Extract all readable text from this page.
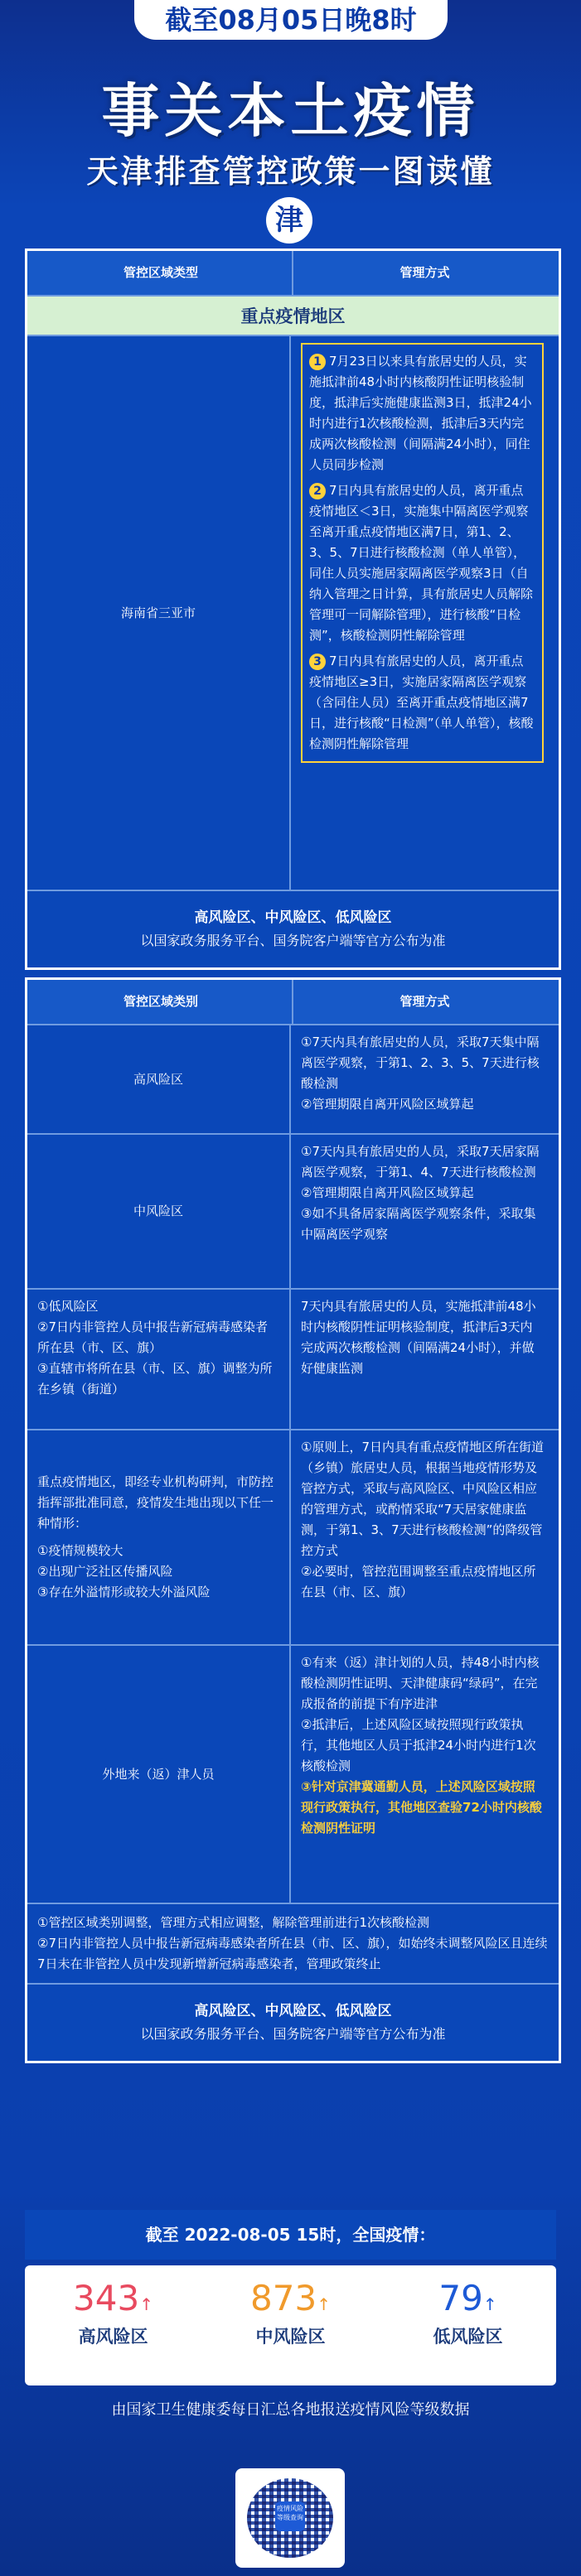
截至08月05日晚8时
事关本土疫情
天津排查管控政策一图读懂
津
管控区域类型	管理方式
重点疫情地区
海南省三亚市
1 7月23日以来具有旅居史的人员，实施抵津前48小时内核酸阴性证明核验制度，抵津后实施健康监测3日，抵津24小时内进行1次核酸检测，抵津后3天内完成两次核酸检测（间隔满24小时），同住人员同步检测
2 7日内具有旅居史的人员，离开重点疫情地区＜3日，实施集中隔离医学观察至离开重点疫情地区满7日，第1、2、3、5、7日进行核酸检测（单人单管），同住人员实施居家隔离医学观察3日（自纳入管理之日计算，具有旅居史人员解除管理可一同解除管理），进行核酸“日检测”，核酸检测阴性解除管理
3 7日内具有旅居史的人员，离开重点疫情地区≥3日，实施居家隔离医学观察（含同住人员）至离开重点疫情地区满7日，进行核酸“日检测”（单人单管），核酸检测阴性解除管理
高风险区、中风险区、低风险区
以国家政务服务平台、国务院客户端等官方公布为准
管控区域类别	管理方式
高风险区
①7天内具有旅居史的人员，采取7天集中隔离医学观察，于第1、2、3、5、7天进行核酸检测
②管理期限自离开风险区域算起
中风险区
①7天内具有旅居史的人员，采取7天居家隔离医学观察，于第1、4、7天进行核酸检测
②管理期限自离开风险区域算起
③如不具备居家隔离医学观察条件，采取集中隔离医学观察
①低风险区
②7日内非管控人员中报告新冠病毒感染者所在县（市、区、旗）
③直辖市将所在县（市、区、旗）调整为所在乡镇（街道）
7天内具有旅居史的人员，实施抵津前48小时内核酸阴性证明核验制度，抵津后3天内完成两次核酸检测（间隔满24小时），并做好健康监测
重点疫情地区，即经专业机构研判，市防控指挥部批准同意，疫情发生地出现以下任一种情形：
①疫情规模较大
②出现广泛社区传播风险
③存在外溢情形或较大外溢风险
①原则上，7日内具有重点疫情地区所在街道（乡镇）旅居史人员，根据当地疫情形势及管控方式，采取与高风险区、中风险区相应的管理方式，或酌情采取“7天居家健康监测，于第1、3、7天进行核酸检测”的降级管控方式
②必要时，管控范围调整至重点疫情地区所在县（市、区、旗）
外地来（返）津人员
①有来（返）津计划的人员，持48小时内核酸检测阴性证明、天津健康码“绿码”，在完成报备的前提下有序进津
②抵津后，上述风险区域按照现行政策执行，其他地区人员于抵津24小时内进行1次核酸检测
③针对京津冀通勤人员，上述风险区域按照现行政策执行，其他地区查验72小时内核酸检测阴性证明
①管控区域类别调整，管理方式相应调整，解除管理前进行1次核酸检测
②7日内非管控人员中报告新冠病毒感染者所在县（市、区、旗），如始终未调整风险区且连续7日未在非管控人员中发现新增新冠病毒感染者，管理政策终止
高风险区、中风险区、低风险区
以国家政务服务平台、国务院客户端等官方公布为准
截至 2022-08-05 15时，全国疫情：
343↑
高风险区
873↑
中风险区
79↑
低风险区
由国家卫生健康委每日汇总各地报送疫情风险等级数据
疫情风险 等级查询
